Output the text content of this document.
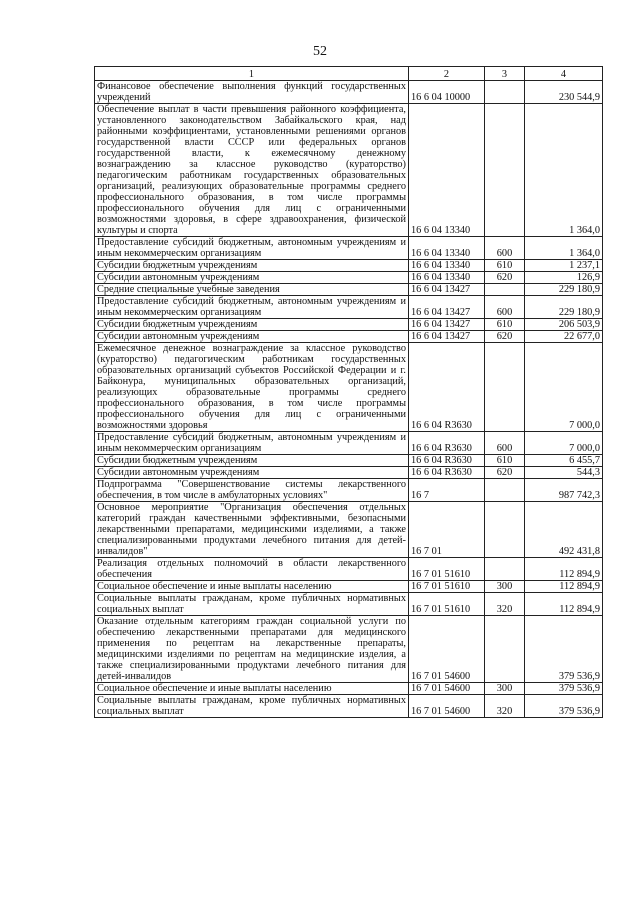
52
1	2	3	4
Финансовое обеспечение выполнения функций государственных учреждений	16 6 04 10000		230 544,9
Обеспечение выплат в части превышения районного коэффициента, установленного законодательством Забайкальского края, над районными коэффициентами, установленными решениями органов государственной власти СССР или федеральных органов государственной власти, к ежемесячному денежному вознаграждению за классное руководство (кураторство) педагогическим работникам государственных образовательных организаций, реализующих образовательные программы среднего профессионального образования, в том числе программы профессионального обучения для лиц с ограниченными возможностями здоровья, в сфере здравоохранения, физической культуры и спорта	16 6 04 13340		1 364,0
Предоставление субсидий бюджетным, автономным учреждениям и иным некоммерческим организациям	16 6 04 13340	600	1 364,0
Субсидии бюджетным учреждениям	16 6 04 13340	610	1 237,1
Субсидии автономным учреждениям	16 6 04 13340	620	126,9
Средние специальные учебные заведения	16 6 04 13427		229 180,9
Предоставление субсидий бюджетным, автономным учреждениям и иным некоммерческим организациям	16 6 04 13427	600	229 180,9
Субсидии бюджетным учреждениям	16 6 04 13427	610	206 503,9
Субсидии автономным учреждениям	16 6 04 13427	620	22 677,0
Ежемесячное денежное вознаграждение за классное руководство (кураторство) педагогическим работникам государственных образовательных организаций субъектов Российской Федерации и г. Байконура, муниципальных образовательных организаций, реализующих образовательные программы среднего профессионального образования, в том числе программы профессионального обучения для лиц с ограниченными возможностями здоровья	16 6 04 R3630		7 000,0
Предоставление субсидий бюджетным, автономным учреждениям и иным некоммерческим организациям	16 6 04 R3630	600	7 000,0
Субсидии бюджетным учреждениям	16 6 04 R3630	610	6 455,7
Субсидии автономным учреждениям	16 6 04 R3630	620	544,3
Подпрограмма "Совершенствование системы лекарственного обеспечения, в том числе в амбулаторных условиях"	16 7		987 742,3
Основное мероприятие "Организация обеспечения отдельных категорий граждан качественными эффективными, безопасными лекарственными препаратами, медицинскими изделиями, а также специализированными продуктами лечебного питания для детей-инвалидов"	16 7 01		492 431,8
Реализация отдельных полномочий в области лекарственного обеспечения	16 7 01 51610		112 894,9
Социальное обеспечение и иные выплаты населению	16 7 01 51610	300	112 894,9
Социальные выплаты гражданам, кроме публичных нормативных социальных выплат	16 7 01 51610	320	112 894,9
Оказание отдельным категориям граждан социальной услуги по обеспечению лекарственными препаратами для медицинского применения по рецептам на лекарственные препараты, медицинскими изделиями по рецептам на медицинские изделия, а также специализированными продуктами лечебного питания для детей-инвалидов	16 7 01 54600		379 536,9
Социальное обеспечение и иные выплаты населению	16 7 01 54600	300	379 536,9
Социальные выплаты гражданам, кроме публичных нормативных социальных выплат	16 7 01 54600	320	379 536,9
